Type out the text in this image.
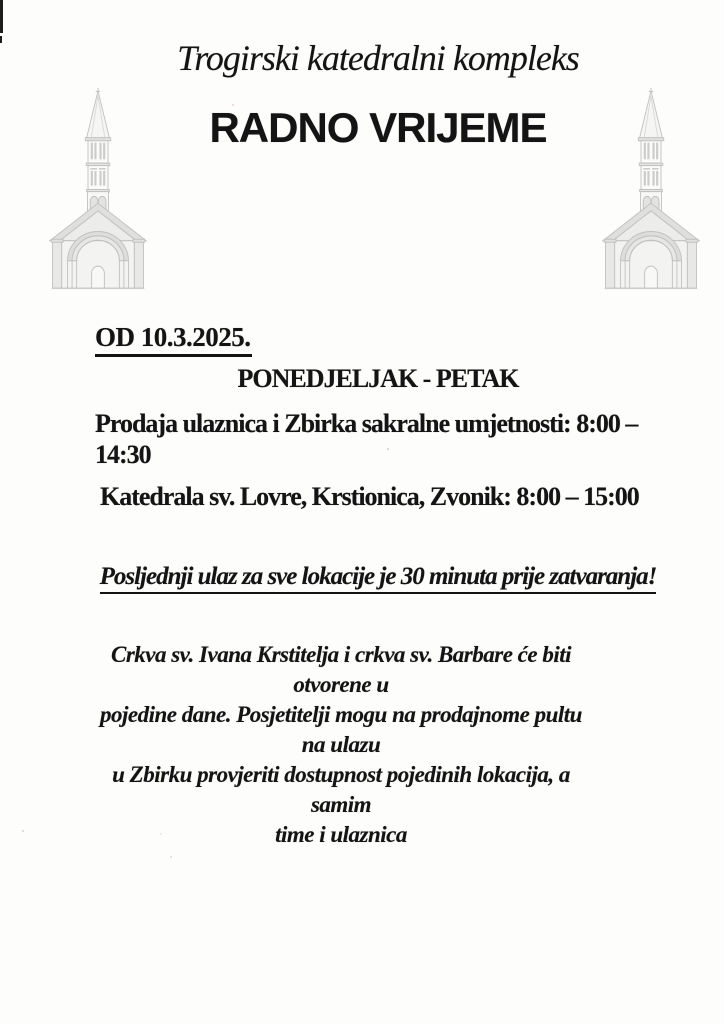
Trogirski katedralni kompleks
RADNO VRIJEME
OD 10.3.2025.
PONEDJELJAK - PETAK
Prodaja ulaznica i Zbirka sakralne umjetnosti: 8:00 –
14:30
Katedrala sv. Lovre, Krstionica, Zvonik: 8:00 – 15:00
Posljednji ulaz za sve lokacije je 30 minuta prije zatvaranja!
Crkva sv. Ivana Krstitelja i crkva sv. Barbare će biti otvorene u
pojedine dane. Posjetitelji mogu na prodajnome pultu na ulazu
u Zbirku provjeriti dostupnost pojedinih lokacija, a samim
time i ulaznica
